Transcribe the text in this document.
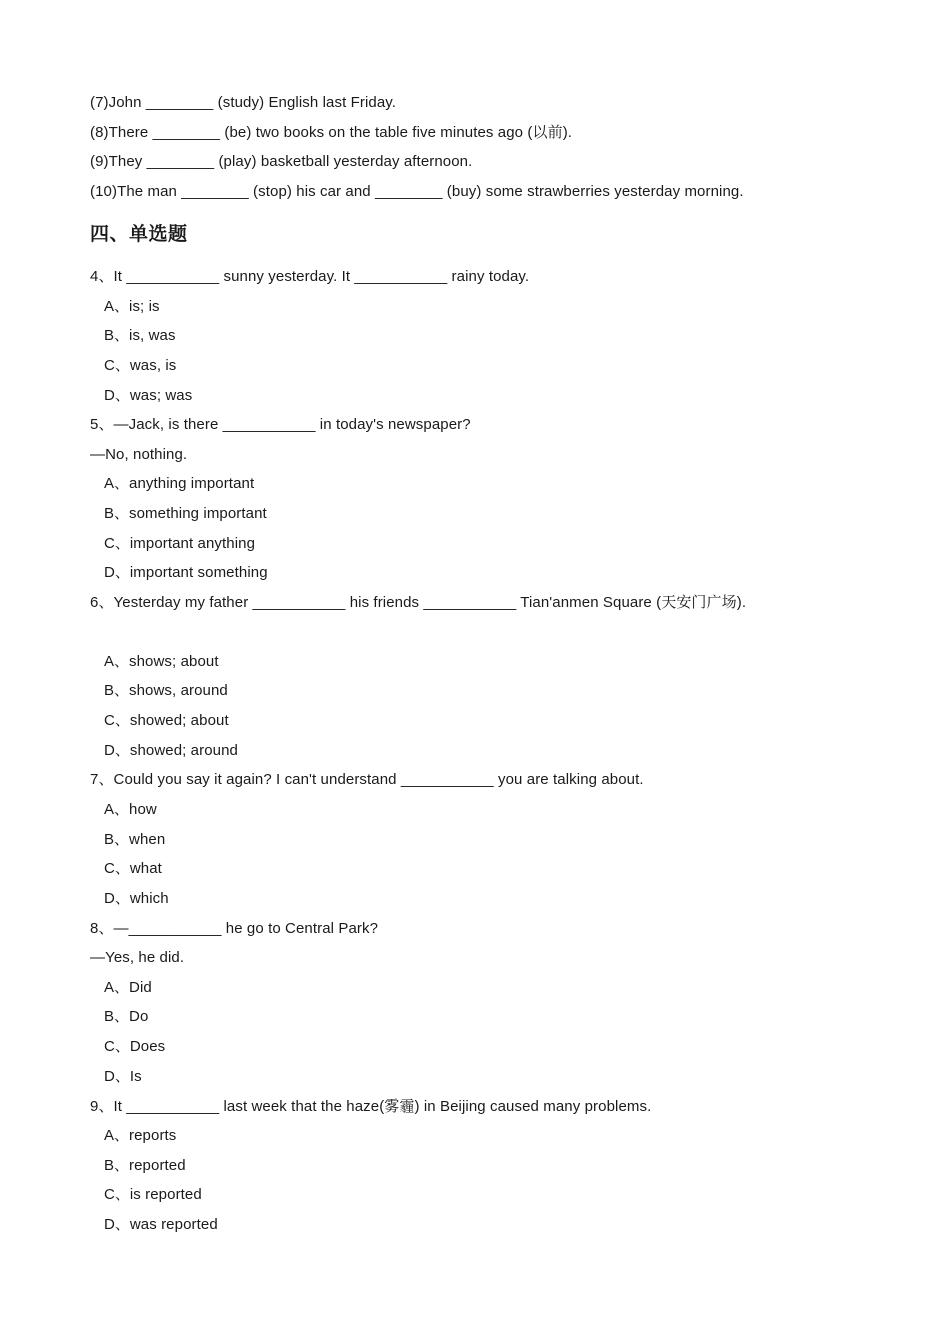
(7)John ________ (study) English last Friday.

(8)There ________ (be) two books on the table five minutes ago (以前).

(9)They ________ (play) basketball yesterday afternoon.

(10)The man ________ (stop) his car and ________ (buy) some strawberries yesterday morning.

四、单选题

4、It ___________ sunny yesterday. It ___________ rainy today.

A、is; is
B、is, was
C、was, is
D、was; was

5、—Jack, is there ___________ in today's newspaper?

—No, nothing.

A、anything important
B、something important
C、important anything
D、important something

6、Yesterday my father ___________ his friends ___________ Tian'anmen Square (天安门广场).

A、shows; about
B、shows, around
C、showed; about
D、showed; around

7、Could you say it again? I can't understand ___________ you are talking about.

A、how
B、when
C、what
D、which

8、—___________ he go to Central Park?

—Yes, he did.

A、Did
B、Do
C、Does
D、Is

9、It ___________ last week that the haze(雾霾) in Beijing caused many problems.

A、reports
B、reported
C、is reported
D、was reported
